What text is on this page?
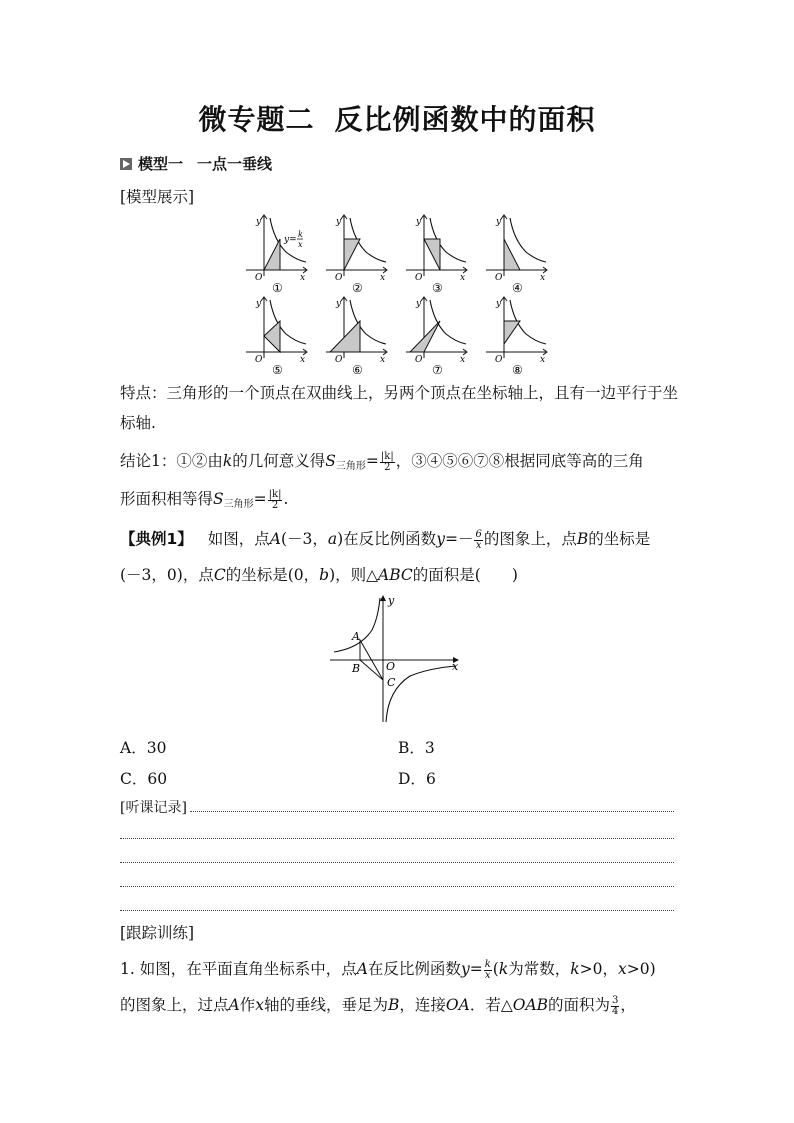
微专题二 反比例函数中的面积
模型一 一点一垂线
[模型展示]
y
x
O
①
y=
k
x
y
x
O
②
y
x
O
③
y
x
O
④
y
x
O
⑤
y
x
O
⑥
y
x
O
⑦
y
x
O
⑧
特点：三角形的一个顶点在双曲线上，另两个顶点在坐标轴上，且有一边平行于坐标轴.
结论1：①②由k的几何意义得$S_{三角形}= \frac{|k|}{2}$ ，③④⑤⑥⑦⑧根据同底等高的三角
形面积相等得$S_{三角形}= \frac{|k|}{2}$ .
【典例1】 如图，点A(－3，a)在反比例函数$y=- \frac{6}{x}$ 的图象上，点B的坐标是
(－3，0)，点C的坐标是(0，b)，则△ABC的面积是(　　)
A
B
C
O	x
y
A．30	B．3
C．60	D．6
[听课记录]
[跟踪训练]
1. 如图，在平面直角坐标系中，点A在反比例函数$y= \frac{k}{x} (k$为常数，k>0，x>0)
的图象上，过点A作x轴的垂线，垂足为B，连接OA．若△OAB的面积为 $\frac{3}{4}$ ，
